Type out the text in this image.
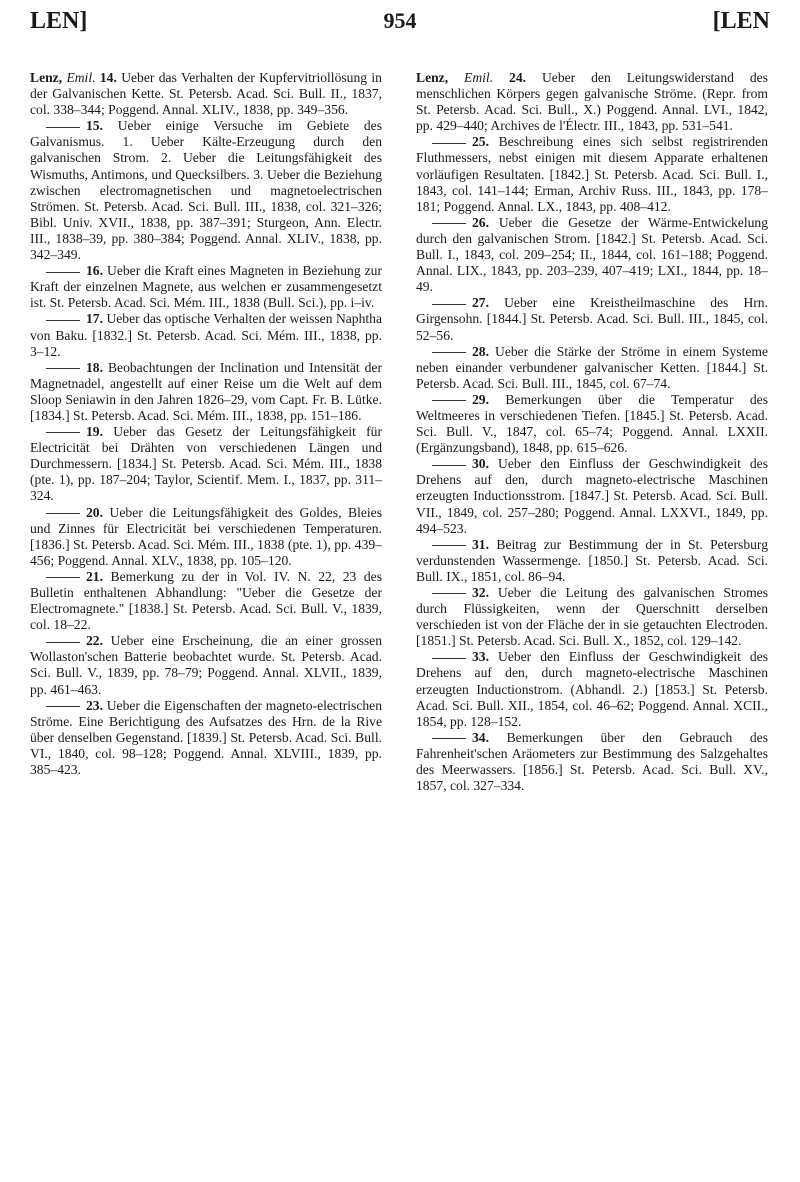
LEN]	954	[LEN

Lenz, Emil. 14. Ueber das Verhalten der Kupfervitriollösung in der Galvanischen Kette. St. Petersb. Acad. Sci. Bull. II., 1837, col. 338–344; Poggend. Annal. XLIV., 1838, pp. 349–356.

15. Ueber einige Versuche im Gebiete des Galvanismus. 1. Ueber Kälte-Erzeugung durch den galvanischen Strom. 2. Ueber die Leitungsfähigkeit des Wismuths, Antimons, und Quecksilbers. 3. Ueber die Beziehung zwischen electromagnetischen und magnetoelectrischen Strömen. St. Petersb. Acad. Sci. Bull. III., 1838, col. 321–326; Bibl. Univ. XVII., 1838, pp. 387–391; Sturgeon, Ann. Electr. III., 1838–39, pp. 380–384; Poggend. Annal. XLIV., 1838, pp. 342–349.

16. Ueber die Kraft eines Magneten in Beziehung zur Kraft der einzelnen Magnete, aus welchen er zusammengesetzt ist. St. Petersb. Acad. Sci. Mém. III., 1838 (Bull. Sci.), pp. i–iv.

17. Ueber das optische Verhalten der weissen Naphtha von Baku. [1832.] St. Petersb. Acad. Sci. Mém. III., 1838, pp. 3–12.

18. Beobachtungen der Inclination und Intensität der Magnetnadel, angestellt auf einer Reise um die Welt auf dem Sloop Seniawin in den Jahren 1826–29, vom Capt. Fr. B. Lütke. [1834.] St. Petersb. Acad. Sci. Mém. III., 1838, pp. 151–186.

19. Ueber das Gesetz der Leitungsfähigkeit für Electricität bei Drähten von verschiedenen Längen und Durchmessern. [1834.] St. Petersb. Acad. Sci. Mém. III., 1838 (pte. 1), pp. 187–204; Taylor, Scientif. Mem. I., 1837, pp. 311–324.

20. Ueber die Leitungsfähigkeit des Goldes, Bleies und Zinnes für Electricität bei verschiedenen Temperaturen. [1836.] St. Petersb. Acad. Sci. Mém. III., 1838 (pte. 1), pp. 439–456; Poggend. Annal. XLV., 1838, pp. 105–120.

21. Bemerkung zu der in Vol. IV. N. 22, 23 des Bulletin enthaltenen Abhandlung: "Ueber die Gesetze der Electromagnete." [1838.] St. Petersb. Acad. Sci. Bull. V., 1839, col. 18–22.

22. Ueber eine Erscheinung, die an einer grossen Wollaston'schen Batterie beobachtet wurde. St. Petersb. Acad. Sci. Bull. V., 1839, pp. 78–79; Poggend. Annal. XLVII., 1839, pp. 461–463.

23. Ueber die Eigenschaften der magneto-electrischen Ströme. Eine Berichtigung des Aufsatzes des Hrn. de la Rive über denselben Gegenstand. [1839.] St. Petersb. Acad. Sci. Bull. VI., 1840, col. 98–128; Poggend. Annal. XLVIII., 1839, pp. 385–423.

Lenz, Emil. 24. Ueber den Leitungswiderstand des menschlichen Körpers gegen galvanische Ströme. (Repr. from St. Petersb. Acad. Sci. Bull., X.) Poggend. Annal. LVI., 1842, pp. 429–440; Archives de l'Électr. III., 1843, pp. 531–541.

25. Beschreibung eines sich selbst registrirenden Fluthmessers, nebst einigen mit diesem Apparate erhaltenen vorläufigen Resultaten. [1842.] St. Petersb. Acad. Sci. Bull. I., 1843, col. 141–144; Erman, Archiv Russ. III., 1843, pp. 178–181; Poggend. Annal. LX., 1843, pp. 408–412.

26. Ueber die Gesetze der Wärme-Entwickelung durch den galvanischen Strom. [1842.] St. Petersb. Acad. Sci. Bull. I., 1843, col. 209–254; II., 1844, col. 161–188; Poggend. Annal. LIX., 1843, pp. 203–239, 407–419; LXI., 1844, pp. 18–49.

27. Ueber eine Kreistheilmaschine des Hrn. Girgensohn. [1844.] St. Petersb. Acad. Sci. Bull. III., 1845, col. 52–56.

28. Ueber die Stärke der Ströme in einem Systeme neben einander verbundener galvanischer Ketten. [1844.] St. Petersb. Acad. Sci. Bull. III., 1845, col. 67–74.

29. Bemerkungen über die Temperatur des Weltmeeres in verschiedenen Tiefen. [1845.] St. Petersb. Acad. Sci. Bull. V., 1847, col. 65–74; Poggend. Annal. LXXII. (Ergänzungsband), 1848, pp. 615–626.

30. Ueber den Einfluss der Geschwindigkeit des Drehens auf den, durch magneto-electrische Maschinen erzeugten Inductionsstrom. [1847.] St. Petersb. Acad. Sci. Bull. VII., 1849, col. 257–280; Poggend. Annal. LXXVI., 1849, pp. 494–523.

31. Beitrag zur Bestimmung der in St. Petersburg verdunstenden Wassermenge. [1850.] St. Petersb. Acad. Sci. Bull. IX., 1851, col. 86–94.

32. Ueber die Leitung des galvanischen Stromes durch Flüssigkeiten, wenn der Querschnitt derselben verschieden ist von der Fläche der in sie getauchten Electroden. [1851.] St. Petersb. Acad. Sci. Bull. X., 1852, col. 129–142.

33. Ueber den Einfluss der Geschwindigkeit des Drehens auf den, durch magneto-electrische Maschinen erzeugten Inductionstrom. (Abhandl. 2.) [1853.] St. Petersb. Acad. Sci. Bull. XII., 1854, col. 46–62; Poggend. Annal. XCII., 1854, pp. 128–152.

34. Bemerkungen über den Gebrauch des Fahrenheit'schen Aräometers zur Bestimmung des Salzgehaltes des Meerwassers. [1856.] St. Petersb. Acad. Sci. Bull. XV., 1857, col. 327–334.
